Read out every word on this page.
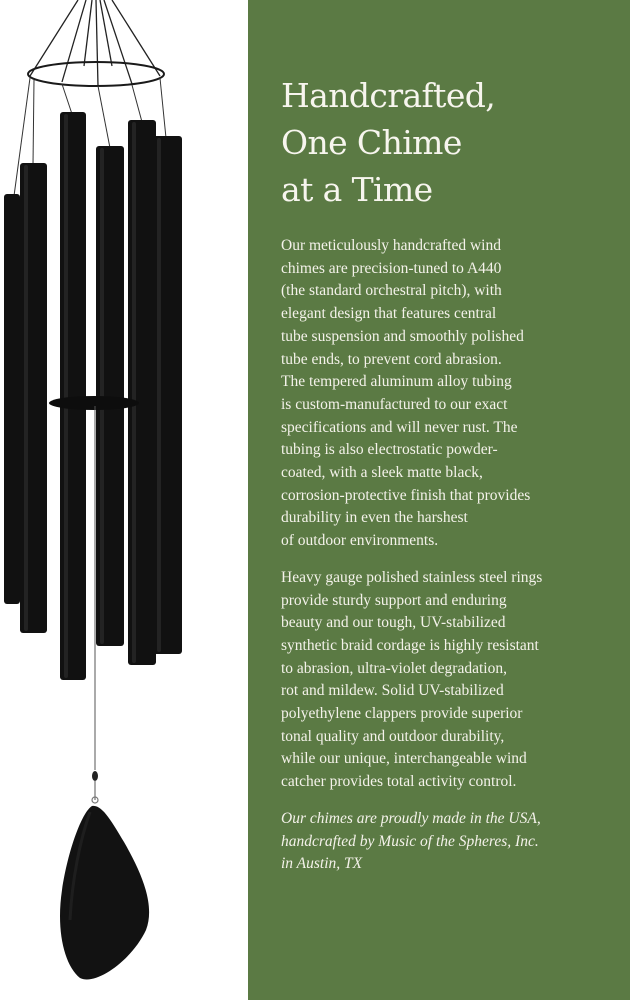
Handcrafted,
One Chime
at a Time

Our meticulously handcrafted wind
chimes are precision-tuned to A440
(the standard orchestral pitch), with
elegant design that features central
tube suspension and smoothly polished
tube ends, to prevent cord abrasion.
The tempered aluminum alloy tubing
is custom-manufactured to our exact
specifications and will never rust. The
tubing is also electrostatic powder-
coated, with a sleek matte black,
corrosion-protective finish that provides
durability in even the harshest
of outdoor environments.

Heavy gauge polished stainless steel rings
provide sturdy support and enduring
beauty and our tough, UV-stabilized
synthetic braid cordage is highly resistant
to abrasion, ultra-violet degradation,
rot and mildew. Solid UV-stabilized
polyethylene clappers provide superior
tonal quality and outdoor durability,
while our unique, interchangeable wind
catcher provides total activity control.

Our chimes are proudly made in the USA,
handcrafted by Music of the Spheres, Inc.
in Austin, TX
